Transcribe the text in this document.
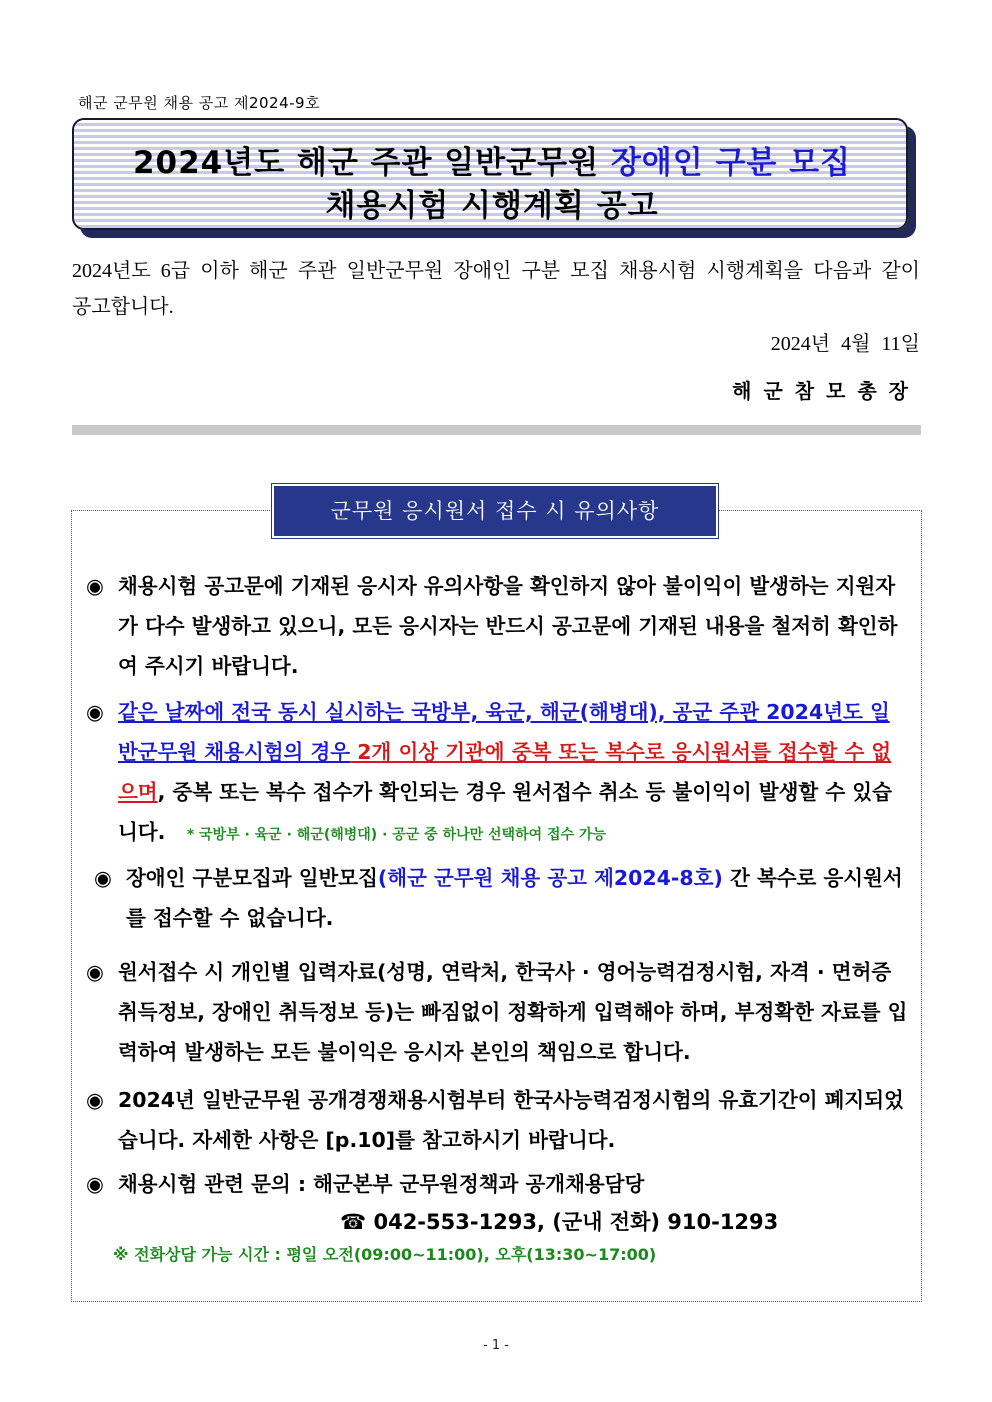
해군 군무원 채용 공고 제2024-9호
2024년도 해군 주관 일반군무원 장애인 구분 모집
채용시험 시행계획 공고
2024년도 6급 이하 해군 주관 일반군무원 장애인 구분 모집 채용시험 시행계획을 다음과 같이 공고합니다.
2024년 4월 11일
해군참모총장
군무원 응시원서 접수 시 유의사항
◉ 채용시험 공고문에 기재된 응시자 유의사항을 확인하지 않아 불이익이 발생하는 지원자가 다수 발생하고 있으니, 모든 응시자는 반드시 공고문에 기재된 내용을 철저히 확인하여 주시기 바랍니다.
◉ 같은 날짜에 전국 동시 실시하는 국방부, 육군, 해군(해병대), 공군 주관 2024년도 일반군무원 채용시험의 경우 2개 이상 기관에 중복 또는 복수로 응시원서를 접수할 수 없으며, 중복 또는 복수 접수가 확인되는 경우 원서접수 취소 등 불이익이 발생할 수 있습니다. * 국방부 · 육군 · 해군(해병대) · 공군 중 하나만 선택하여 접수 가능
◉ 장애인 구분모집과 일반모집(해군 군무원 채용 공고 제2024-8호) 간 복수로 응시원서를 접수할 수 없습니다.
◉ 원서접수 시 개인별 입력자료(성명, 연락처, 한국사 · 영어능력검정시험, 자격 · 면허증 취득정보, 장애인 취득정보 등)는 빠짐없이 정확하게 입력해야 하며, 부정확한 자료를 입력하여 발생하는 모든 불이익은 응시자 본인의 책임으로 합니다.
◉ 2024년 일반군무원 공개경쟁채용시험부터 한국사능력검정시험의 유효기간이 폐지되었습니다. 자세한 사항은 [p.10]를 참고하시기 바랍니다.
◉ 채용시험 관련 문의 : 해군본부 군무원정책과 공개채용담당
☎ 042-553-1293, (군내 전화) 910-1293
※ 전화상담 가능 시간 : 평일 오전(09:00~11:00), 오후(13:30~17:00)
- 1 -
